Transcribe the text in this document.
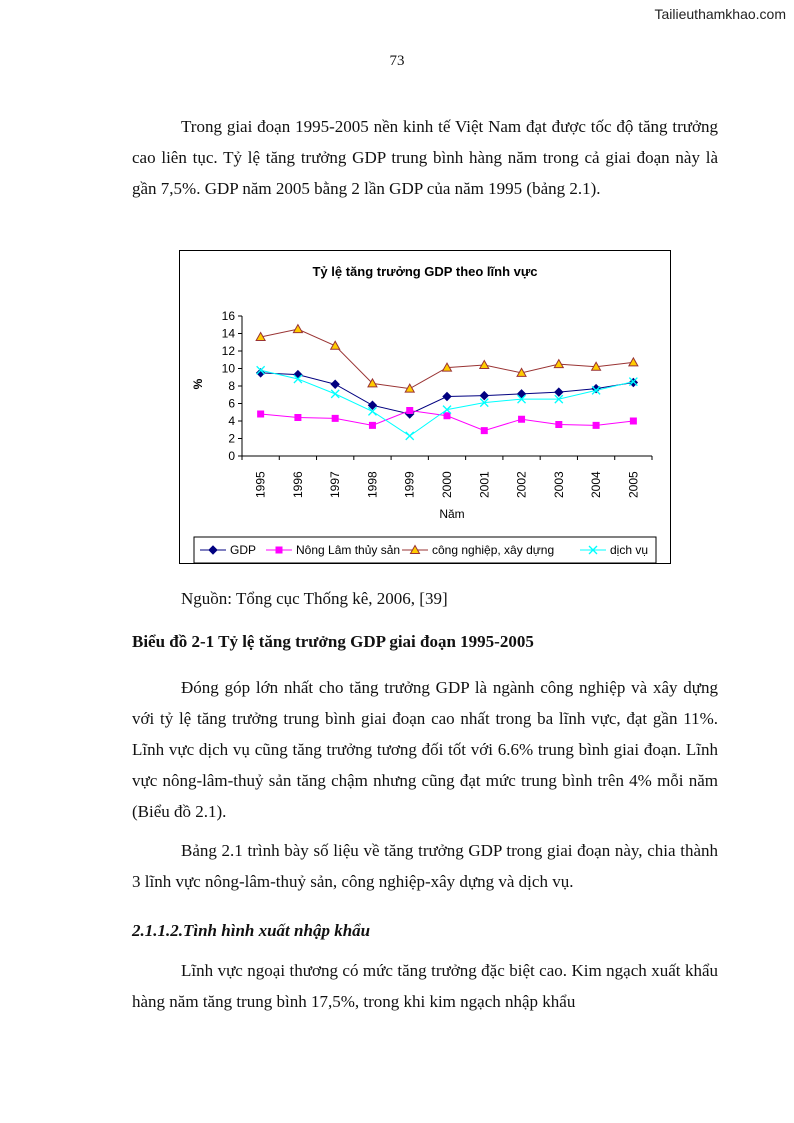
Tailieuthamkhao.com
73

Trong giai đoạn 1995-2005 nền kinh tế Việt Nam đạt được tốc độ tăng trưởng cao liên tục. Tỷ lệ tăng trưởng GDP trung bình hàng năm trong cả giai đoạn này là gần 7,5%. GDP năm 2005 bằng 2 lần GDP của năm 1995 (bảng 2.1).

Tỷ lệ tăng trưởng GDP theo lĩnh vực
0
2
4
6
8
10
12
14
16
1995 1996 1997 1998 1999 2000 2001 2002 2003 2004 2005
%
Năm
GDP	Nông Lâm thủy sản	công nghiệp, xây dựng	dịch vụ

Nguồn: Tổng cục Thống kê, 2006, [39]

Biểu đồ 2-1 Tỷ lệ tăng trưởng GDP giai đoạn 1995-2005

Đóng góp lớn nhất cho tăng trưởng GDP là ngành công nghiệp và xây dựng với tỷ lệ tăng trưởng trung bình giai đoạn cao nhất trong ba lĩnh vực, đạt gần 11%. Lĩnh vực dịch vụ cũng tăng trưởng tương đối tốt với 6.6% trung bình giai đoạn. Lĩnh vực nông-lâm-thuỷ sản tăng chậm nhưng cũng đạt mức trung bình trên 4% mỗi năm (Biểu đồ 2.1).

Bảng 2.1 trình bày số liệu về tăng trưởng GDP trong giai đoạn này, chia thành 3 lĩnh vực nông-lâm-thuỷ sản, công nghiệp-xây dựng và dịch vụ.

2.1.1.2.Tình hình xuất nhập khẩu

Lĩnh vực ngoại thương có mức tăng trưởng đặc biệt cao. Kim ngạch xuất khẩu hàng năm tăng trung bình 17,5%, trong khi kim ngạch nhập khẩu
